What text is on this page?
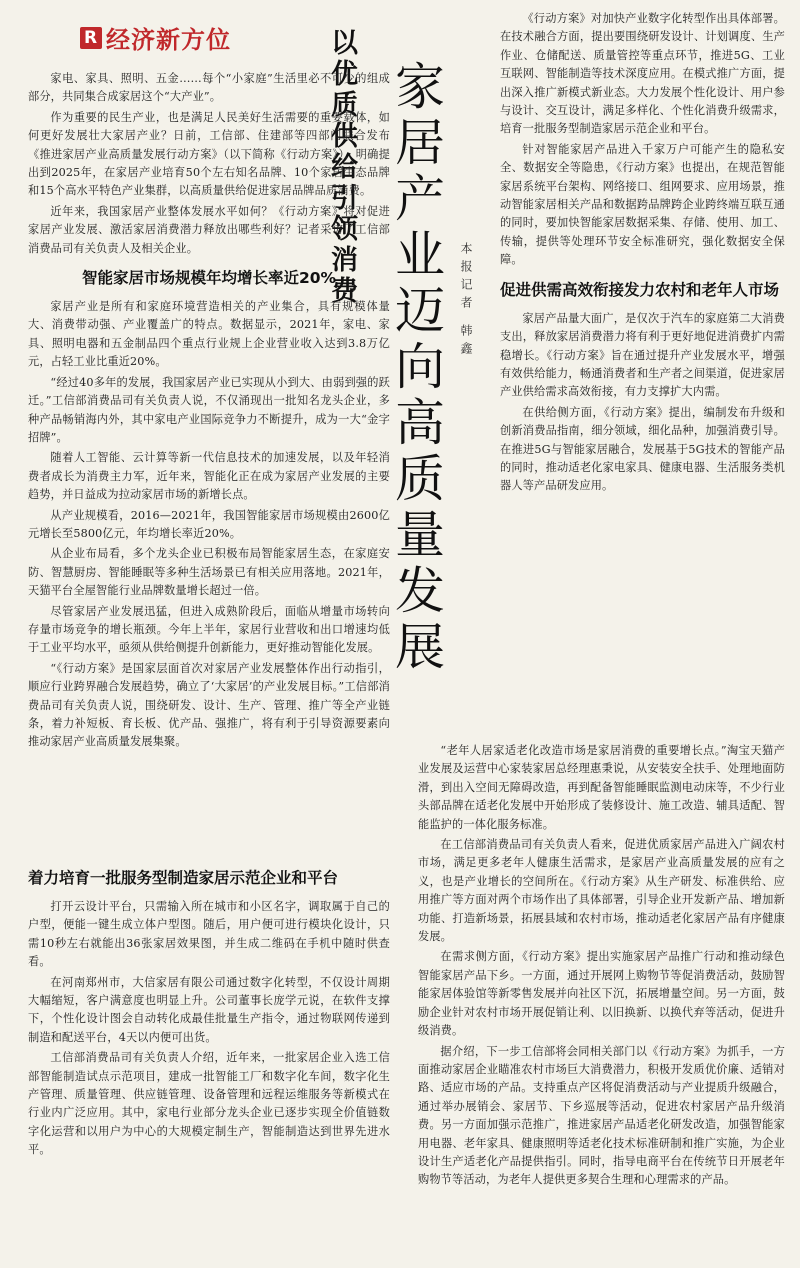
R 经济新方位	以优质供给引领消费 家居产业迈向高质量发展	本报记者 韩鑫

家电、家具、照明、五金……每个“小家庭”生活里必不可少的组成部分，共同集合成家居这个“大产业”。

作为重要的民生产业，也是满足人民美好生活需要的重要载体，如何更好发展壮大家居产业？日前，工信部、住建部等四部门联合发布《推进家居产业高质量发展行动方案》（以下简称《行动方案》），明确提出到2025年，在家居产业培育50个左右知名品牌、10个家居生态品牌和15个高水平特色产业集群，以高质量供给促进家居品牌品质消费。

近年来，我国家居产业整体发展水平如何？《行动方案》将对促进家居产业发展、激活家居消费潜力释放出哪些利好？记者采访了工信部消费品司有关负责人及相关企业。

智能家居市场规模年均增长率近20%

家居产业是所有和家庭环境营造相关的产业集合，具有规模体量大、消费带动强、产业覆盖广的特点。数据显示，2021年，家电、家具、照明电器和五金制品四个重点行业规上企业营业收入达到3.8万亿元，占轻工业比重近20%。

“经过40多年的发展，我国家居产业已实现从小到大、由弱到强的跃迁。”工信部消费品司有关负责人说，不仅涌现出一批知名龙头企业，多种产品畅销海内外，其中家电产业国际竞争力不断提升，成为一大“金字招牌”。

随着人工智能、云计算等新一代信息技术的加速发展，以及年轻消费者成长为消费主力军，近年来，智能化正在成为家居产业发展的主要趋势，并日益成为拉动家居市场的新增长点。

从产业规模看，2016—2021年，我国智能家居市场规模由2600亿元增长至5800亿元，年均增长率近20%。

从企业布局看，多个龙头企业已积极布局智能家居生态，在家庭安防、智慧厨房、智能睡眠等多种生活场景已有相关应用落地。2021年，天猫平台全屋智能行业品牌数量增长超过一倍。

尽管家居产业发展迅猛，但进入成熟阶段后，面临从增量市场转向存量市场竞争的增长瓶颈。今年上半年，家居行业营收和出口增速均低于工业平均水平，亟须从供给侧提升创新能力，更好推动智能化发展。

“《行动方案》是国家层面首次对家居产业发展整体作出行动指引，顺应行业跨界融合发展趋势，确立了‘大家居’的产业发展目标。”工信部消费品司有关负责人说，围绕研发、设计、生产、管理、推广等全产业链条，着力补短板、育长板、优产品、强推广，将有利于引导资源要素向推动家居产业高质量发展集聚。

着力培育一批服务型制造家居示范企业和平台

打开云设计平台，只需输入所在城市和小区名字，调取属于自己的户型，便能一键生成立体户型图。随后，用户便可进行模块化设计，只需10秒左右就能出36张家居效果图，并生成二维码在手机中随时供查看。

在河南郑州市，大信家居有限公司通过数字化转型，不仅设计周期大幅缩短，客户满意度也明显上升。公司董事长庞学元说，在软件支撑下，个性化设计图会自动转化成最佳批量生产指令，通过物联网传递到制造和配送平台，4天以内便可出货。

工信部消费品司有关负责人介绍，近年来，一批家居企业入选工信部智能制造试点示范项目，建成一批智能工厂和数字化车间，数字化生产管理、质量管理、供应链管理、设备管理和远程运维服务等新模式在行业内广泛应用。其中，家电行业部分龙头企业已逐步实现全价值链数字化运营和以用户为中心的大规模定制生产，智能制造达到世界先进水平。

《行动方案》对加快产业数字化转型作出具体部署。在技术融合方面，提出要围绕研发设计、计划调度、生产作业、仓储配送、质量管控等重点环节，推进5G、工业互联网、智能制造等技术深度应用。在模式推广方面，提出深入推广新模式新业态。大力发展个性化设计、用户参与设计、交互设计，满足多样化、个性化消费升级需求，培育一批服务型制造家居示范企业和平台。

针对智能家居产品进入千家万户可能产生的隐私安全、数据安全等隐患，《行动方案》也提出，在规范智能家居系统平台架构、网络接口、组网要求、应用场景，推动智能家居相关产品和数据跨品牌跨企业跨终端互联互通的同时，要加快智能家居数据采集、存储、使用、加工、传输，提供等处理环节安全标准研究，强化数据安全保障。

促进供需高效衔接发力农村和老年人市场

家居产品量大面广，是仅次于汽车的家庭第二大消费支出，释放家居消费潜力将有利于更好地促进消费扩内需稳增长。《行动方案》旨在通过提升产业发展水平，增强有效供给能力，畅通消费者和生产者之间渠道，促进家居产业供给需求高效衔接，有力支撑扩大内需。

在供给侧方面，《行动方案》提出，编制发布升级和创新消费品指南，细分领域，细化品种，加强消费引导。在推进5G与智能家居融合，发展基于5G技术的智能产品的同时，推动适老化家电家具、健康电器、生活服务类机器人等产品研发应用。

“老年人居家适老化改造市场是家居消费的重要增长点。”淘宝天猫产业发展及运营中心家装家居总经理惠秉说，从安装安全扶手、处理地面防滑，到出入空间无障碍改造，再到配备智能睡眠监测电动床等，不少行业头部品牌在适老化发展中开始形成了装修设计、施工改造、辅具适配、智能监护的一体化服务标准。

在工信部消费品司有关负责人看来，促进优质家居产品进入广阔农村市场，满足更多老年人健康生活需求，是家居产业高质量发展的应有之义，也是产业增长的空间所在。《行动方案》从生产研发、标准供给、应用推广等方面对两个市场作出了具体部署，引导企业开发新产品、增加新功能、打造新场景，拓展县域和农村市场，推动适老化家居产品有序健康发展。

在需求侧方面，《行动方案》提出实施家居产品推广行动和推动绿色智能家居产品下乡。一方面，通过开展网上购物节等促消费活动，鼓励智能家居体验馆等新零售发展并向社区下沉，拓展增量空间。另一方面，鼓励企业针对农村市场开展促销让利、以旧换新、以换代弃等活动，促进升级消费。

据介绍，下一步工信部将会同相关部门以《行动方案》为抓手，一方面推动家居企业瞄准农村市场巨大消费潜力，积极开发质优价廉、适销对路、适应市场的产品。支持重点产区将促消费活动与产业提质升级融合，通过举办展销会、家居节、下乡巡展等活动，促进农村家居产品升级消费。另一方面加强示范推广，推进家居产品适老化研发改造，加强智能家用电器、老年家具、健康照明等适老化技术标准研制和推广实施，为企业设计生产适老化产品提供指引。同时，指导电商平台在传统节日开展老年购物节等活动，为老年人提供更多契合生理和心理需求的产品。
